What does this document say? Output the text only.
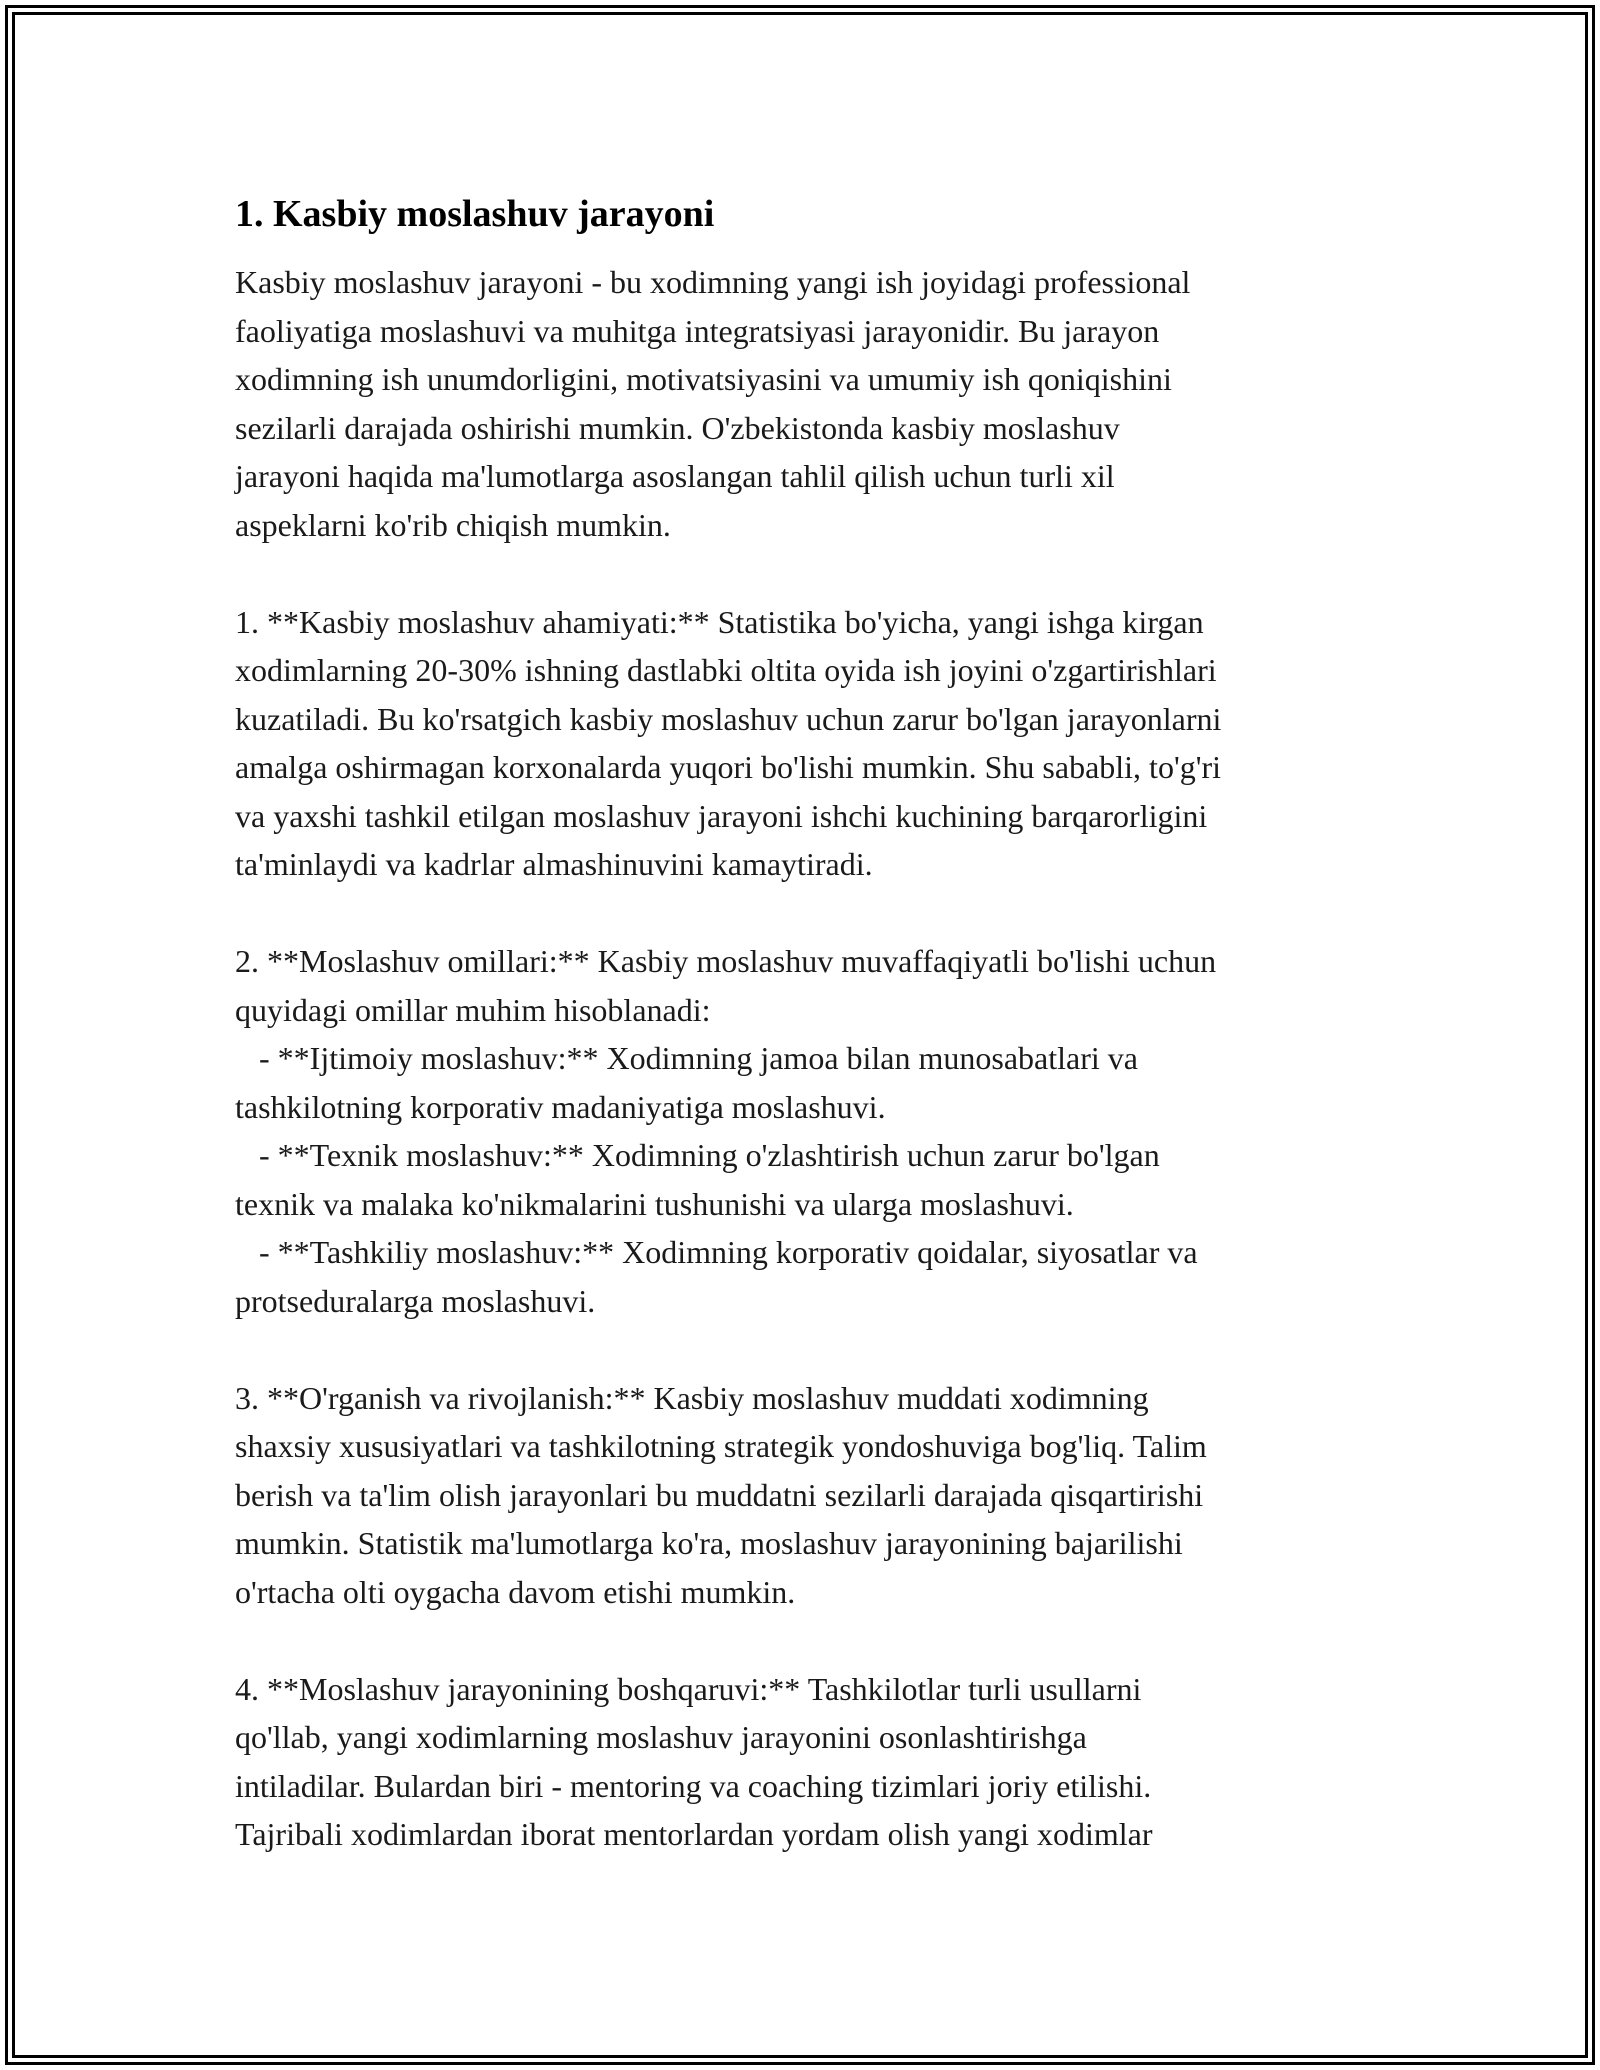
1. Kasbiy moslashuv jarayoni

Kasbiy moslashuv jarayoni - bu xodimning yangi ish joyidagi professional
faoliyatiga moslashuvi va muhitga integratsiyasi jarayonidir. Bu jarayon
xodimning ish unumdorligini, motivatsiyasini va umumiy ish qoniqishini
sezilarli darajada oshirishi mumkin. O'zbekistonda kasbiy moslashuv
jarayoni haqida ma'lumotlarga asoslangan tahlil qilish uchun turli xil
aspeklarni ko'rib chiqish mumkin.

1. **Kasbiy moslashuv ahamiyati:** Statistika bo'yicha, yangi ishga kirgan
xodimlarning 20-30% ishning dastlabki oltita oyida ish joyini o'zgartirishlari
kuzatiladi. Bu ko'rsatgich kasbiy moslashuv uchun zarur bo'lgan jarayonlarni
amalga oshirmagan korxonalarda yuqori bo'lishi mumkin. Shu sababli, to'g'ri
va yaxshi tashkil etilgan moslashuv jarayoni ishchi kuchining barqarorligini
ta'minlaydi va kadrlar almashinuvini kamaytiradi.

2. **Moslashuv omillari:** Kasbiy moslashuv muvaffaqiyatli bo'lishi uchun
quyidagi omillar muhim hisoblanadi:
- **Ijtimoiy moslashuv:** Xodimning jamoa bilan munosabatlari va
tashkilotning korporativ madaniyatiga moslashuvi.
- **Texnik moslashuv:** Xodimning o'zlashtirish uchun zarur bo'lgan
texnik va malaka ko'nikmalarini tushunishi va ularga moslashuvi.
- **Tashkiliy moslashuv:** Xodimning korporativ qoidalar, siyosatlar va
protseduralarga moslashuvi.

3. **O'rganish va rivojlanish:** Kasbiy moslashuv muddati xodimning
shaxsiy xususiyatlari va tashkilotning strategik yondoshuviga bog'liq. Talim
berish va ta'lim olish jarayonlari bu muddatni sezilarli darajada qisqartirishi
mumkin. Statistik ma'lumotlarga ko'ra, moslashuv jarayonining bajarilishi
o'rtacha olti oygacha davom etishi mumkin.

4. **Moslashuv jarayonining boshqaruvi:** Tashkilotlar turli usullarni
qo'llab, yangi xodimlarning moslashuv jarayonini osonlashtirishga
intiladilar. Bulardan biri - mentoring va coaching tizimlari joriy etilishi.
Tajribali xodimlardan iborat mentorlardan yordam olish yangi xodimlar
